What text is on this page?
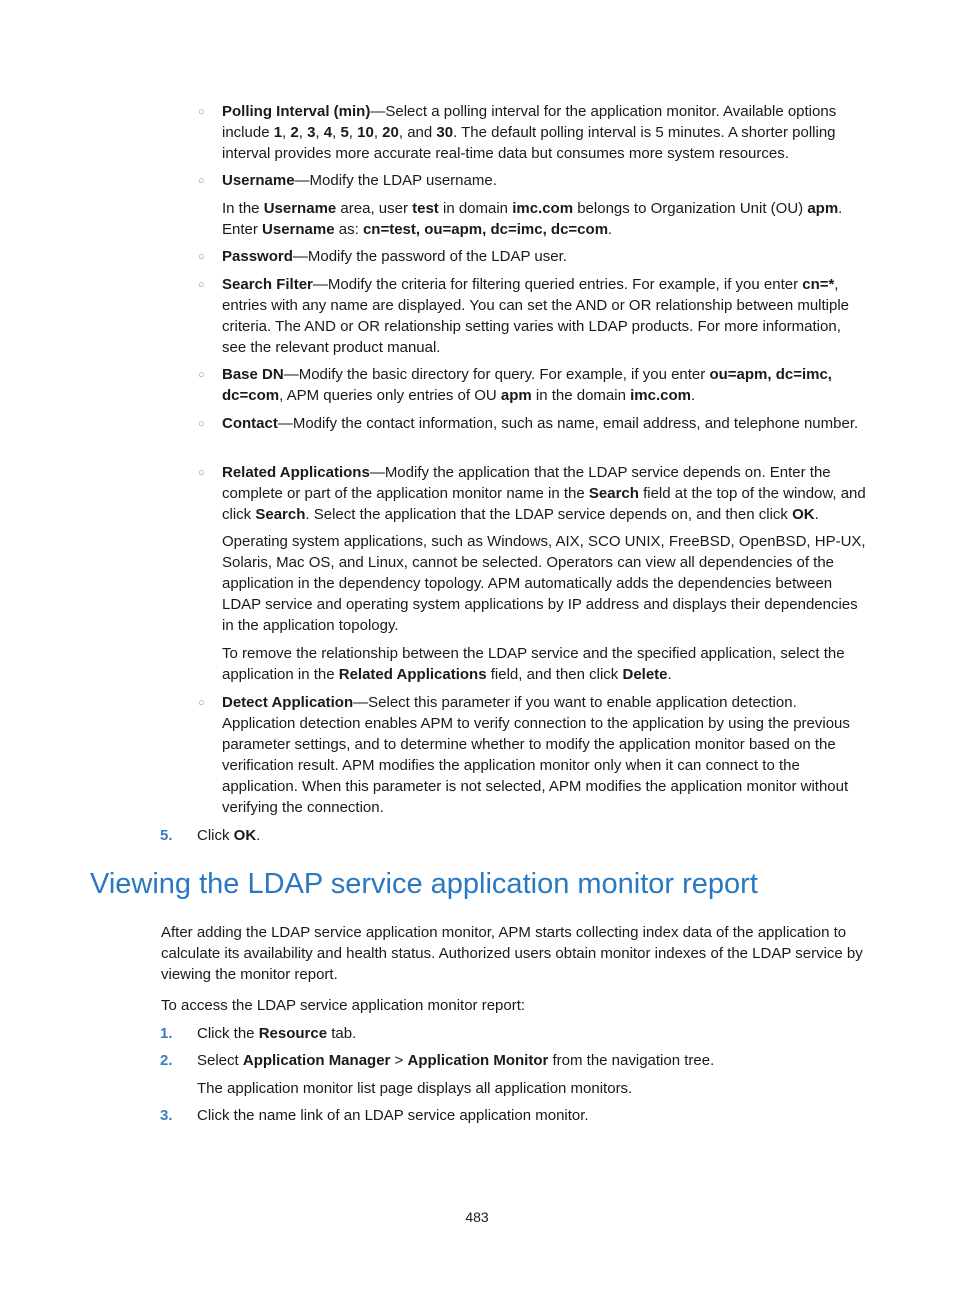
○ Polling Interval (min)—Select a polling interval for the application monitor. Available options include 1, 2, 3, 4, 5, 10, 20, and 30. The default polling interval is 5 minutes. A shorter polling interval provides more accurate real-time data but consumes more system resources.

○ Username—Modify the LDAP username.

In the Username area, user test in domain imc.com belongs to Organization Unit (OU) apm. Enter Username as: cn=test, ou=apm, dc=imc, dc=com.

○ Password—Modify the password of the LDAP user.

○ Search Filter—Modify the criteria for filtering queried entries. For example, if you enter cn=*, entries with any name are displayed. You can set the AND or OR relationship between multiple criteria. The AND or OR relationship setting varies with LDAP products. For more information, see the relevant product manual.

○ Base DN—Modify the basic directory for query. For example, if you enter ou=apm, dc=imc, dc=com, APM queries only entries of OU apm in the domain imc.com.

○ Contact—Modify the contact information, such as name, email address, and telephone number.

○ Related Applications—Modify the application that the LDAP service depends on. Enter the complete or part of the application monitor name in the Search field at the top of the window, and click Search. Select the application that the LDAP service depends on, and then click OK.

Operating system applications, such as Windows, AIX, SCO UNIX, FreeBSD, OpenBSD, HP-UX, Solaris, Mac OS, and Linux, cannot be selected. Operators can view all dependencies of the application in the dependency topology. APM automatically adds the dependencies between LDAP service and operating system applications by IP address and displays their dependencies in the application topology.

To remove the relationship between the LDAP service and the specified application, select the application in the Related Applications field, and then click Delete.

○ Detect Application—Select this parameter if you want to enable application detection. Application detection enables APM to verify connection to the application by using the previous parameter settings, and to determine whether to modify the application monitor based on the verification result. APM modifies the application monitor only when it can connect to the application. When this parameter is not selected, APM modifies the application monitor without verifying the connection.

5. Click OK.

Viewing the LDAP service application monitor report

After adding the LDAP service application monitor, APM starts collecting index data of the application to calculate its availability and health status. Authorized users obtain monitor indexes of the LDAP service by viewing the monitor report.

To access the LDAP service application monitor report:

1. Click the Resource tab.

2. Select Application Manager > Application Monitor from the navigation tree.

The application monitor list page displays all application monitors.

3. Click the name link of an LDAP service application monitor.

483
